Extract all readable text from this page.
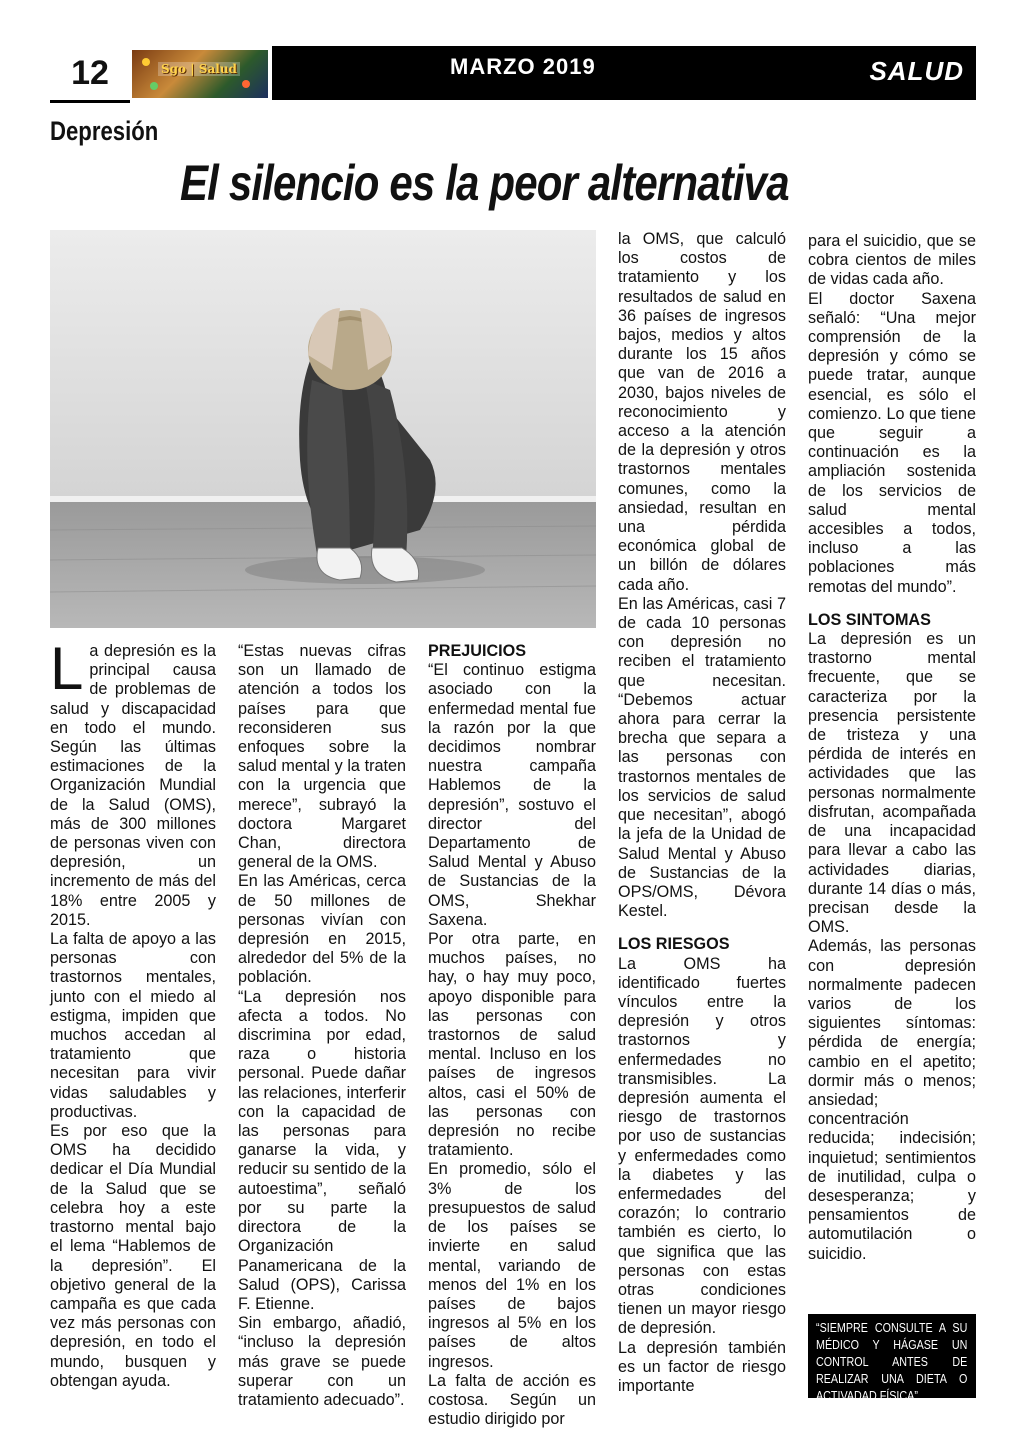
12	Sgo | Salud	MARZO 2019	SALUD
Depresión
El silencio es la peor alternativa
La depresión es la principal causa de problemas de salud y discapacidad en todo el mundo. Según las últimas estimaciones de la Organización Mundial de la Salud (OMS), más de 300 millones de personas viven con depresión, un incremento de más del 18% entre 2005 y 2015.
La falta de apoyo a las personas con trastornos mentales, junto con el miedo al estigma, impiden que muchos accedan al tratamiento que necesitan para vivir vidas saludables y productivas.
Es por eso que la OMS ha decidido dedicar el Día Mundial de la Salud que se celebra hoy a este trastorno mental bajo el lema “Hablemos de la depresión”. El objetivo general de la campaña es que cada vez más personas con depresión, en todo el mundo, busquen y obtengan ayuda.
“Estas nuevas cifras son un llamado de atención a todos los países para que reconsideren sus enfoques sobre la salud mental y la traten con la urgencia que merece”, subrayó la doctora Margaret Chan, directora general de la OMS.
En las Américas, cerca de 50 millones de personas vivían con depresión en 2015, alrededor del 5% de la población.
“La depresión nos afecta a todos. No discrimina por edad, raza o historia personal. Puede dañar las relaciones, interferir con la capacidad de las personas para ganarse la vida, y reducir su sentido de la autoestima”, señaló por su parte la directora de la Organización Panamericana de la Salud (OPS), Carissa F. Etienne.
Sin embargo, añadió, “incluso la depresión más grave se puede superar con un tratamiento adecuado”.
PREJUICIOS
“El continuo estigma asociado con la enfermedad mental fue la razón por la que decidimos nombrar nuestra campaña Hablemos de la depresión”, sostuvo el director del Departamento de Salud Mental y Abuso de Sustancias de la OMS, Shekhar Saxena.
Por otra parte, en muchos países, no hay, o hay muy poco, apoyo disponible para las personas con trastornos de salud mental. Incluso en los países de ingresos altos, casi el 50% de las personas con depresión no recibe tratamiento.
En promedio, sólo el 3% de los presupuestos de salud de los países se invierte en salud mental, variando de menos del 1% en los países de bajos ingresos al 5% en los países de altos ingresos.
La falta de acción es costosa. Según un estudio dirigido por
la OMS, que calculó los costos de tratamiento y los resultados de salud en 36 países de ingresos bajos, medios y altos durante los 15 años que van de 2016 a 2030, bajos niveles de reconocimiento y acceso a la atención de la depresión y otros trastornos mentales comunes, como la ansiedad, resultan en una pérdida económica global de un billón de dólares cada año.
En las Américas, casi 7 de cada 10 personas con depresión no reciben el tratamiento que necesitan. “Debemos actuar ahora para cerrar la brecha que separa a las personas con trastornos mentales de los servicios de salud que necesitan”, abogó la jefa de la Unidad de Salud Mental y Abuso de Sustancias de la OPS/OMS, Dévora Kestel.
LOS RIESGOS
La OMS ha identificado fuertes vínculos entre la depresión y otros trastornos y enfermedades no transmisibles. La depresión aumenta el riesgo de trastornos por uso de sustancias y enfermedades como la diabetes y las enfermedades del corazón; lo contrario también es cierto, lo que significa que las personas con estas otras condiciones tienen un mayor riesgo de depresión.
La depresión también es un factor de riesgo importante
para el suicidio, que se cobra cientos de miles de vidas cada año.
El doctor Saxena señaló: “Una mejor comprensión de la depresión y cómo se puede tratar, aunque esencial, es sólo el comienzo. Lo que tiene que seguir a continuación es la ampliación sostenida de los servicios de salud mental accesibles a todos, incluso a las poblaciones más remotas del mundo”.
LOS SINTOMAS
La depresión es un trastorno mental frecuente, que se caracteriza por la presencia persistente de tristeza y una pérdida de interés en actividades que las personas normalmente disfrutan, acompañada de una incapacidad para llevar a cabo las actividades diarias, durante 14 días o más, precisan desde la OMS.
Además, las personas con depresión normalmente padecen varios de los siguientes síntomas: pérdida de energía; cambio en el apetito; dormir más o menos; ansiedad; concentración reducida; indecisión; inquietud; sentimientos de inutilidad, culpa o desesperanza; y pensamientos de automutilación o suicidio.
“SIEMPRE CONSULTE A SU MÉDICO Y HÁGASE UN CONTROL ANTES DE REALIZAR UNA DIETA O ACTIVADAD FÍSICA”
